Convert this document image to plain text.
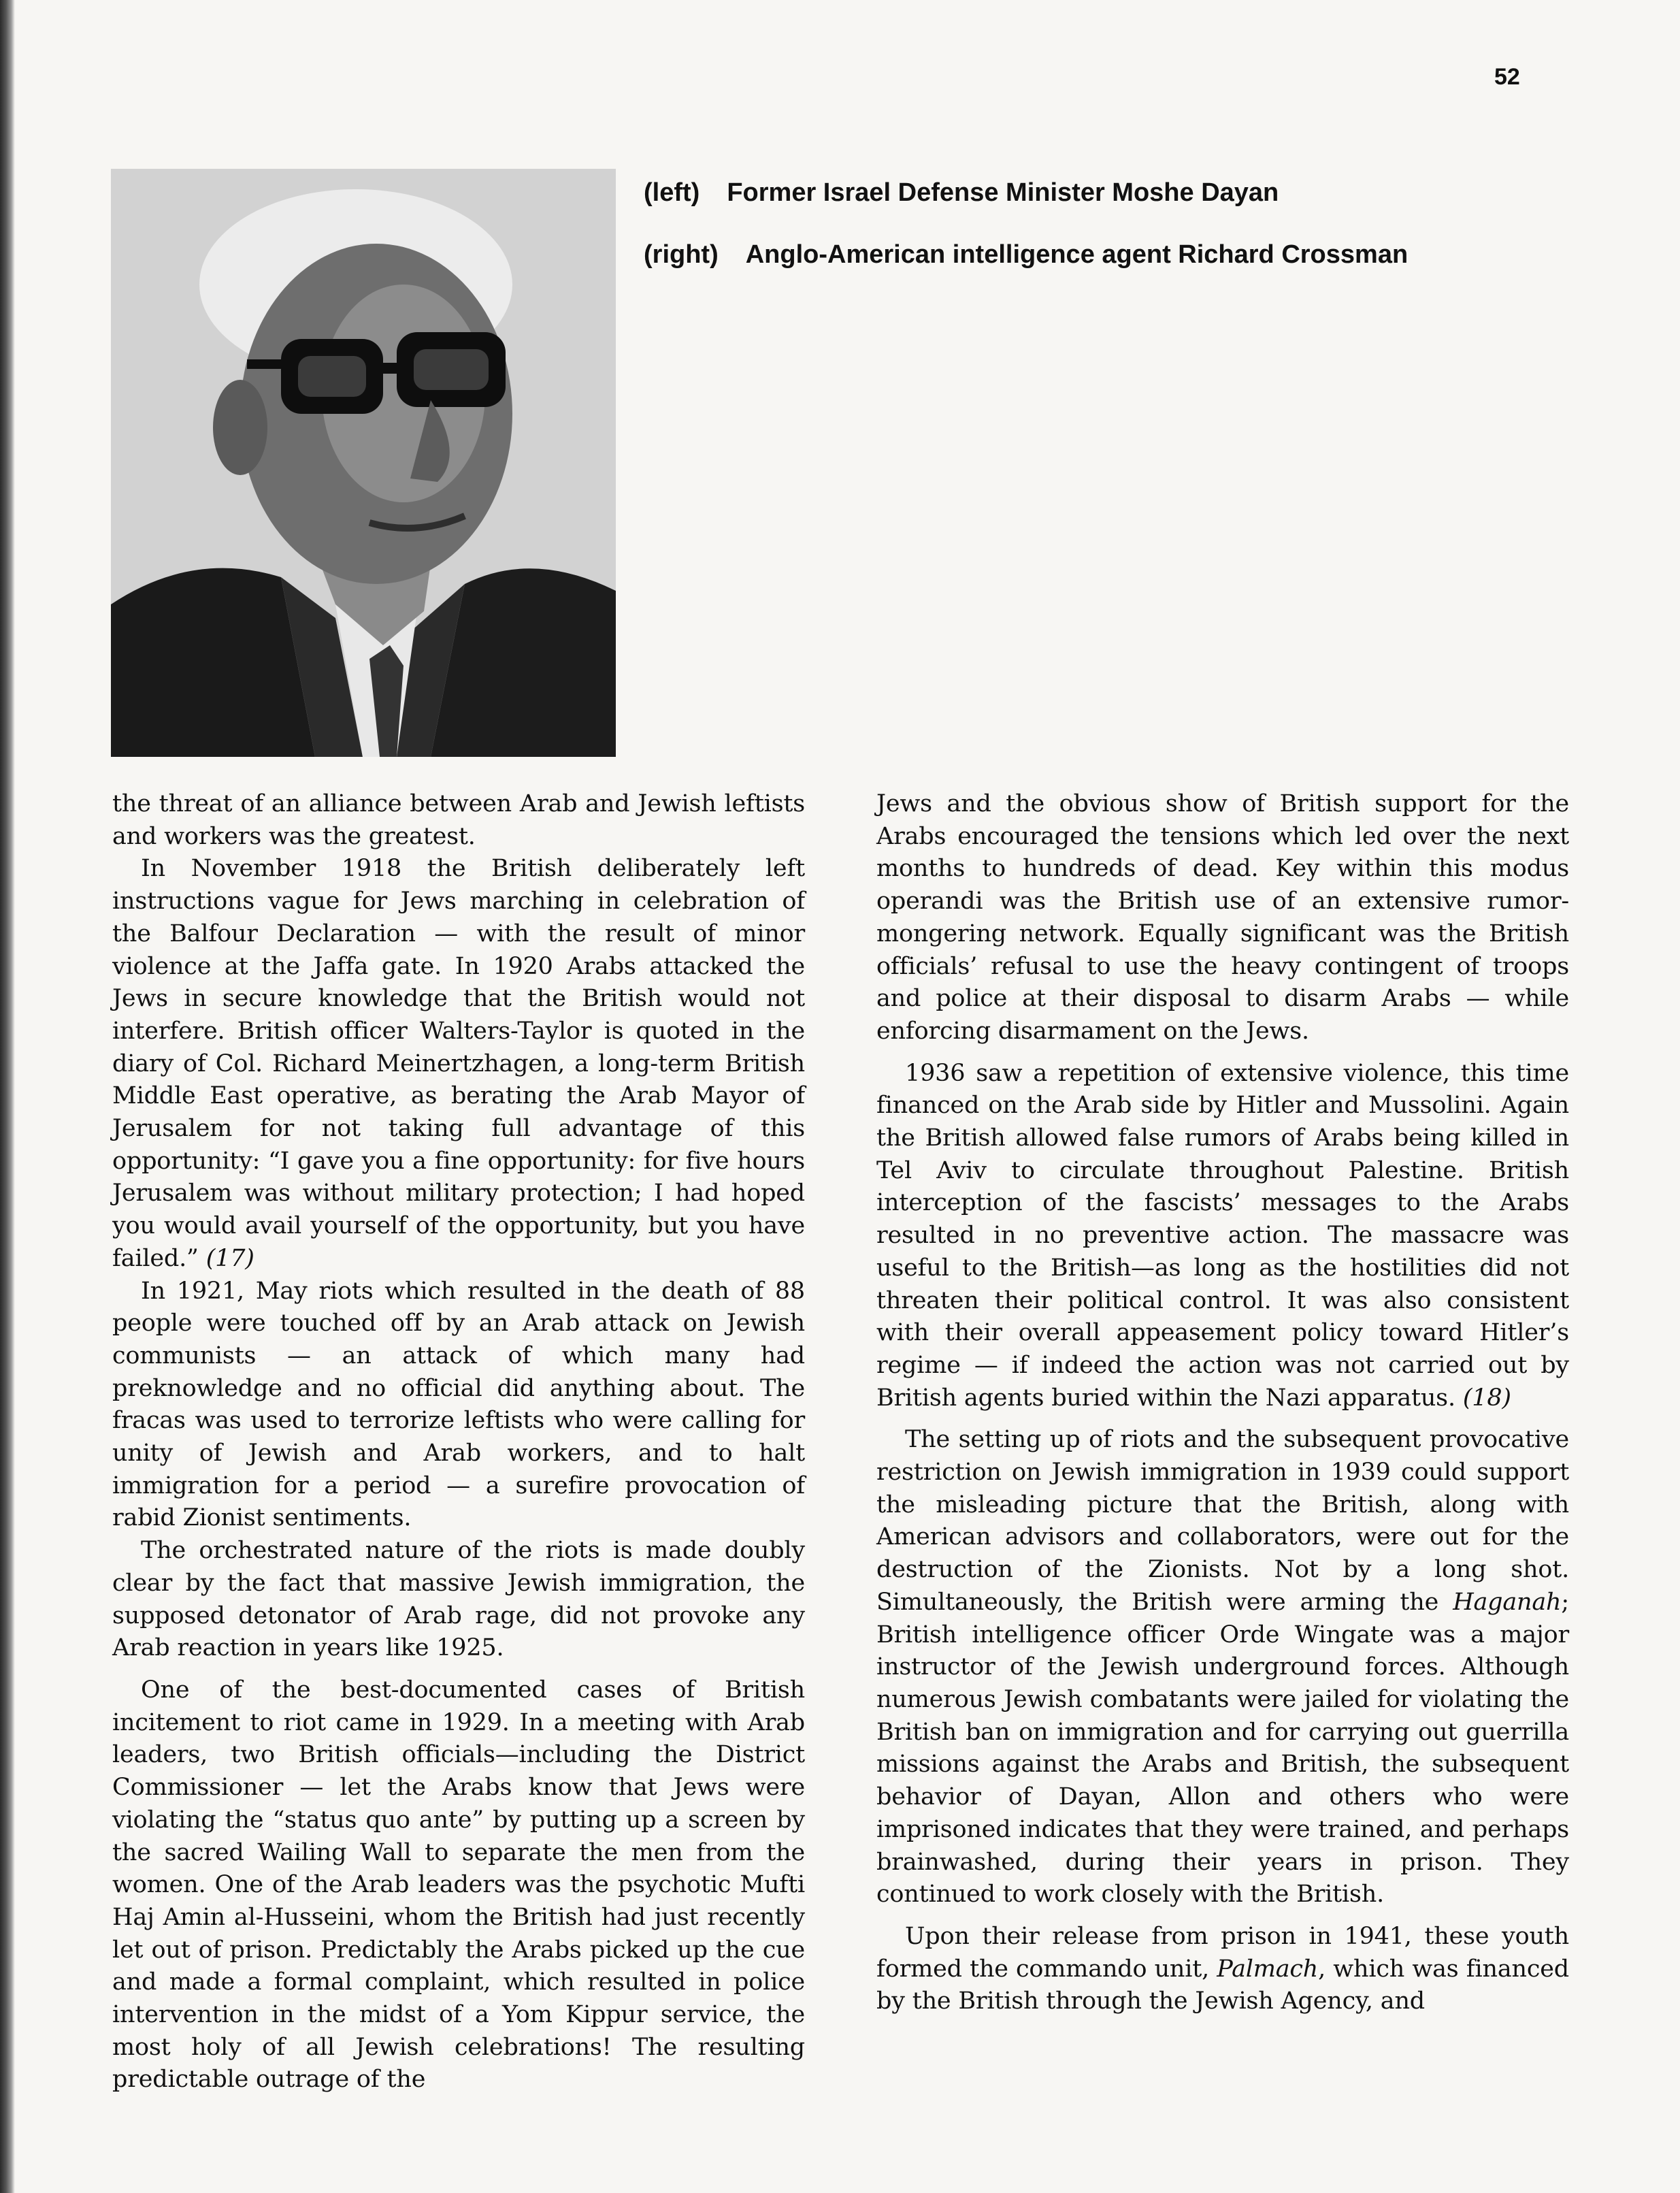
52

(left) Former Israel Defense Minister Moshe Dayan

(right) Anglo-American intelligence agent Richard Crossman

the threat of an alliance between Arab and Jewish leftists and workers was the greatest.

In November 1918 the British deliberately left instructions vague for Jews marching in celebration of the Balfour Declaration — with the result of minor violence at the Jaffa gate. In 1920 Arabs attacked the Jews in secure knowledge that the British would not interfere. British officer Walters-Taylor is quoted in the diary of Col. Richard Meinertzhagen, a long-term British Middle East operative, as berating the Arab Mayor of Jerusalem for not taking full advantage of this opportunity: “I gave you a fine opportunity: for five hours Jerusalem was without military protection; I had hoped you would avail yourself of the opportunity, but you have failed.” (17)

In 1921, May riots which resulted in the death of 88 people were touched off by an Arab attack on Jewish communists — an attack of which many had preknowledge and no official did anything about. The fracas was used to terrorize leftists who were calling for unity of Jewish and Arab workers, and to halt immigration for a period — a surefire provocation of rabid Zionist sentiments.

The orchestrated nature of the riots is made doubly clear by the fact that massive Jewish immigration, the supposed detonator of Arab rage, did not provoke any Arab reaction in years like 1925.

One of the best-documented cases of British incitement to riot came in 1929. In a meeting with Arab leaders, two British officials—including the District Commissioner — let the Arabs know that Jews were violating the “status quo ante” by putting up a screen by the sacred Wailing Wall to separate the men from the women. One of the Arab leaders was the psychotic Mufti Haj Amin al-Husseini, whom the British had just recently let out of prison. Predictably the Arabs picked up the cue and made a formal complaint, which resulted in police intervention in the midst of a Yom Kippur service, the most holy of all Jewish celebrations! The resulting predictable outrage of the

Jews and the obvious show of British support for the Arabs encouraged the tensions which led over the next months to hundreds of dead. Key within this modus operandi was the British use of an extensive rumor-mongering network. Equally significant was the British officials’ refusal to use the heavy contingent of troops and police at their disposal to disarm Arabs — while enforcing disarmament on the Jews.

1936 saw a repetition of extensive violence, this time financed on the Arab side by Hitler and Mussolini. Again the British allowed false rumors of Arabs being killed in Tel Aviv to circulate throughout Palestine. British interception of the fascists’ messages to the Arabs resulted in no preventive action. The massacre was useful to the British—as long as the hostilities did not threaten their political control. It was also consistent with their overall appeasement policy toward Hitler’s regime — if indeed the action was not carried out by British agents buried within the Nazi apparatus. (18)

The setting up of riots and the subsequent provocative restriction on Jewish immigration in 1939 could support the misleading picture that the British, along with American advisors and collaborators, were out for the destruction of the Zionists. Not by a long shot. Simultaneously, the British were arming the Haganah; British intelligence officer Orde Wingate was a major instructor of the Jewish underground forces. Although numerous Jewish combatants were jailed for violating the British ban on immigration and for carrying out guerrilla missions against the Arabs and British, the subsequent behavior of Dayan, Allon and others who were imprisoned indicates that they were trained, and perhaps brainwashed, during their years in prison. They continued to work closely with the British.

Upon their release from prison in 1941, these youth formed the commando unit, Palmach, which was financed by the British through the Jewish Agency, and
